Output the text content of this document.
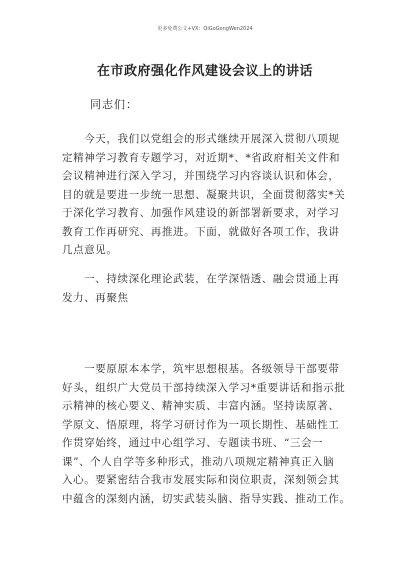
更多免费公文+VX：QiGoGongWen2024
在市政府强化作风建设会议上的讲话
同志们：
　　今天，我们以党组会的形式继续开展深入贯彻八项规
定精神学习教育专题学习，对近期*、*省政府相关文件和
会议精神进行深入学习，并围绕学习内容谈认识和体会，
目的就是要进一步统一思想、凝聚共识，全面贯彻落实*关
于深化学习教育、加强作风建设的新部署新要求，对学习
教育工作再研究、再推进。下面，就做好各项工作，我讲
几点意见。
　　一、持续深化理论武装，在学深悟透、融会贯通上再
发力、再聚焦
　　一要原原本本学，筑牢思想根基。各级领导干部要带
好头，组织广大党员干部持续深入学习*重要讲话和指示批
示精神的核心要义、精神实质、丰富内涵。坚持读原著、
学原文、悟原理，将学习研讨作为一项长期性、基础性工
作贯穿始终，通过中心组学习、专题读书班、“三会一
课”、个人自学等多种形式，推动八项规定精神真正入脑
入心。要紧密结合我市发展实际和岗位职责，深刻领会其
中蕴含的深刻内涵，切实武装头脑、指导实践、推动工作。
